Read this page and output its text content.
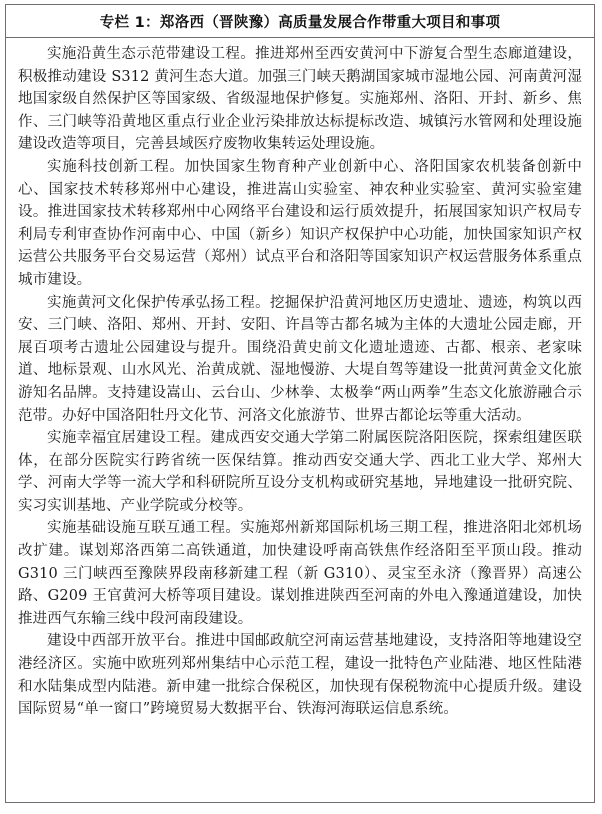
专栏 1：郑洛西（晋陕豫）高质量发展合作带重大项目和事项

实施沿黄生态示范带建设工程。推进郑州至西安黄河中下游复合型生态廊道建设，积极推动建设 S312 黄河生态大道。加强三门峡天鹅湖国家城市湿地公园、河南黄河湿地国家级自然保护区等国家级、省级湿地保护修复。实施郑州、洛阳、开封、新乡、焦作、三门峡等沿黄地区重点行业企业污染排放达标提标改造、城镇污水管网和处理设施建设改造等项目，完善县域医疗废物收集转运处理设施。

实施科技创新工程。加快国家生物育种产业创新中心、洛阳国家农机装备创新中心、国家技术转移郑州中心建设，推进嵩山实验室、神农种业实验室、黄河实验室建设。推进国家技术转移郑州中心网络平台建设和运行质效提升，拓展国家知识产权局专利局专利审查协作河南中心、中国（新乡）知识产权保护中心功能，加快国家知识产权运营公共服务平台交易运营（郑州）试点平台和洛阳等国家知识产权运营服务体系重点城市建设。

实施黄河文化保护传承弘扬工程。挖掘保护沿黄河地区历史遗址、遗迹，构筑以西安、三门峡、洛阳、郑州、开封、安阳、许昌等古都名城为主体的大遗址公园走廊，开展百项考古遗址公园建设与提升。围绕沿黄史前文化遗址遗迹、古都、根亲、老家味道、地标景观、山水风光、治黄成就、湿地慢游、大堤自驾等建设一批黄河黄金文化旅游知名品牌。支持建设嵩山、云台山、少林拳、太极拳“两山两拳”生态文化旅游融合示范带。办好中国洛阳牡丹文化节、河洛文化旅游节、世界古都论坛等重大活动。

实施幸福宜居建设工程。建成西安交通大学第二附属医院洛阳医院，探索组建医联体，在部分医院实行跨省统一医保结算。推动西安交通大学、西北工业大学、郑州大学、河南大学等一流大学和科研院所互设分支机构或研究基地，异地建设一批研究院、实习实训基地、产业学院或分校等。

实施基础设施互联互通工程。实施郑州新郑国际机场三期工程，推进洛阳北郊机场改扩建。谋划郑洛西第二高铁通道，加快建设呼南高铁焦作经洛阳至平顶山段。推动 G310 三门峡西至豫陕界段南移新建工程（新 G310）、灵宝至永济（豫晋界）高速公路、G209 王官黄河大桥等项目建设。谋划推进陕西至河南的外电入豫通道建设，加快推进西气东输三线中段河南段建设。

建设中西部开放平台。推进中国邮政航空河南运营基地建设，支持洛阳等地建设空港经济区。实施中欧班列郑州集结中心示范工程，建设一批特色产业陆港、地区性陆港和水陆集成型内陆港。新申建一批综合保税区，加快现有保税物流中心提质升级。建设国际贸易“单一窗口”跨境贸易大数据平台、铁海河海联运信息系统。
